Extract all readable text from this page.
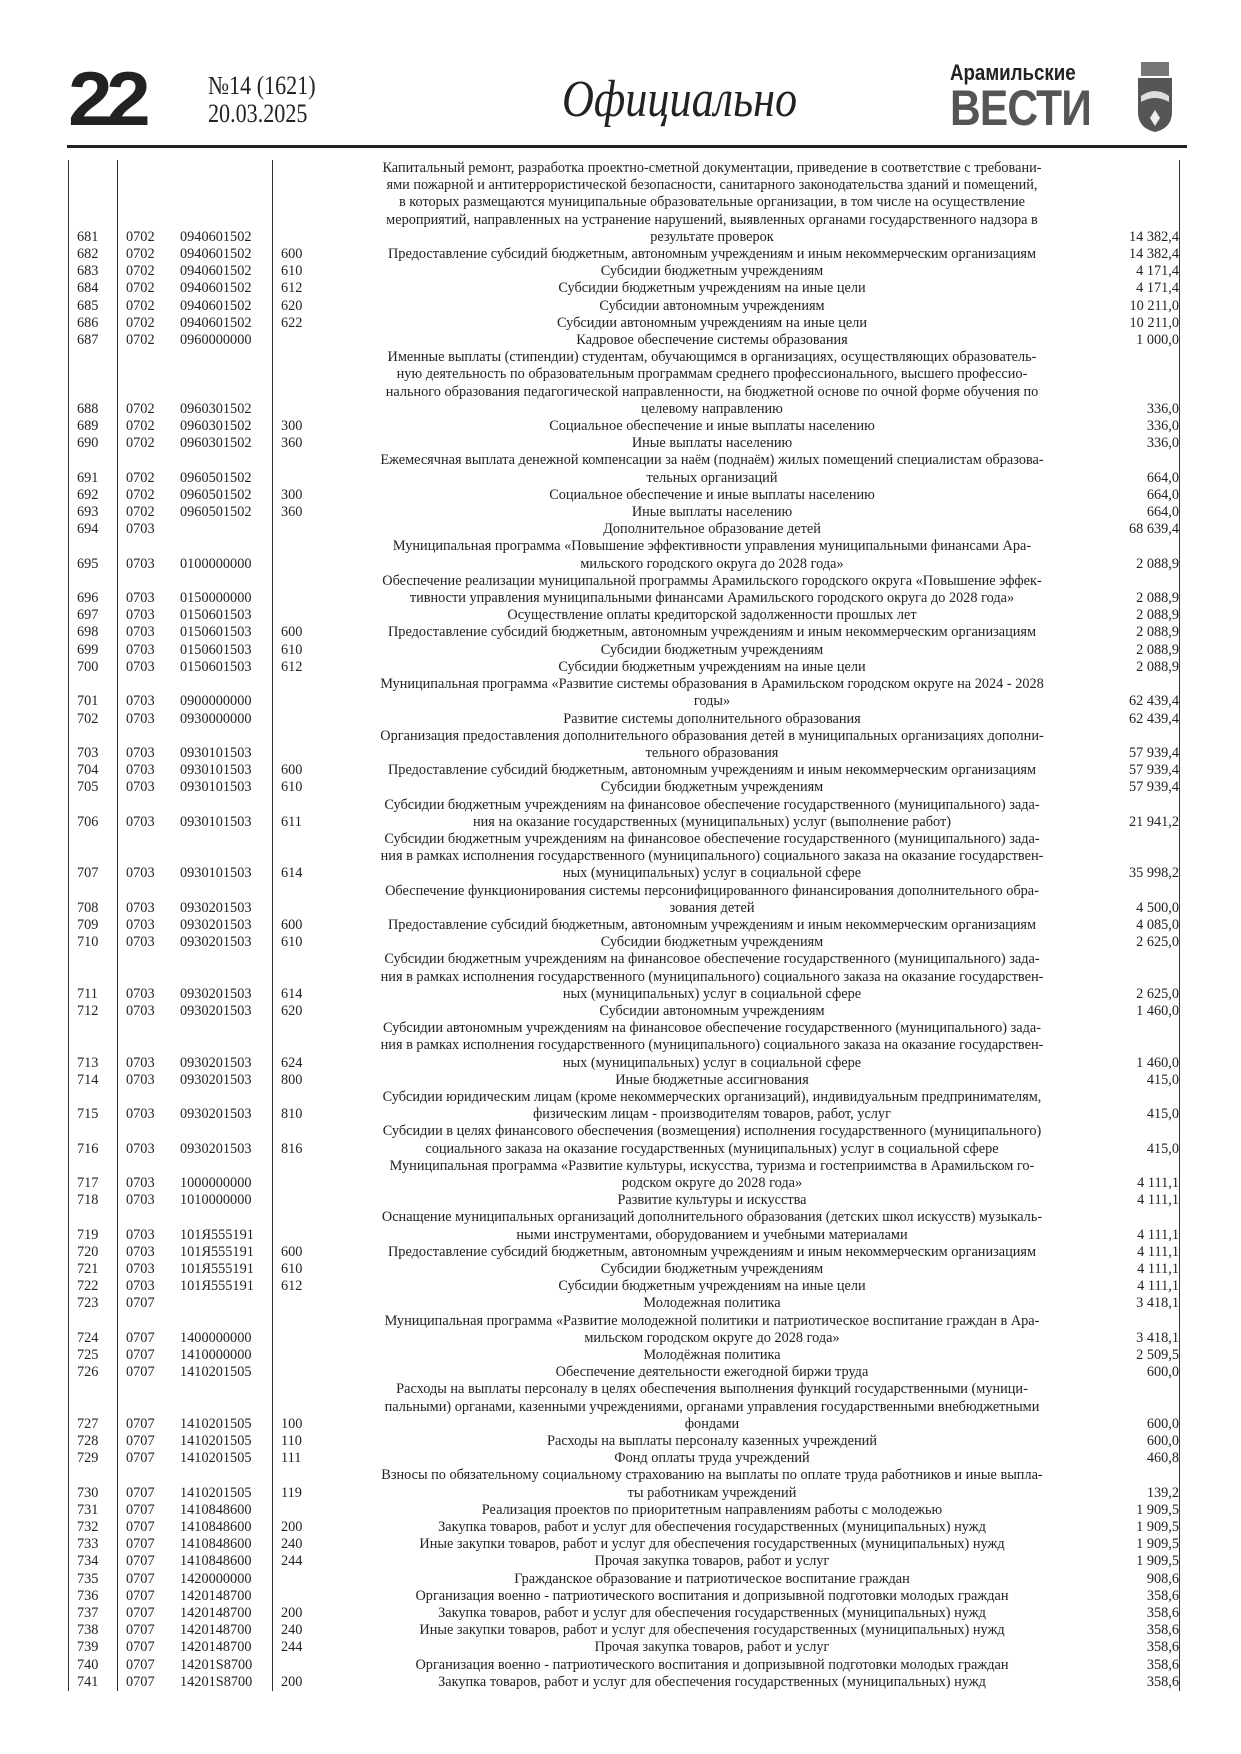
22 №14 (1621)
20.03.2025	Официально	Арамильские
ВЕСТИ
681	0702	0940601502		Капитальный ремонт, разработка проектно-сметной документации, приведение в соответствие с требовани-
ями пожарной и антитеррористической безопасности, санитарного законодательства зданий и помещений,
в которых размещаются муниципальные образовательные организации, в том числе на осуществление
мероприятий, направленных на устранение нарушений, выявленных органами государственного надзора в
результате проверок	14 382,4
682	0702	0940601502	600	Предоставление субсидий бюджетным, автономным учреждениям и иным некоммерческим организациям	14 382,4
683	0702	0940601502	610	Субсидии бюджетным учреждениям	4 171,4
684	0702	0940601502	612	Субсидии бюджетным учреждениям на иные цели	4 171,4
685	0702	0940601502	620	Субсидии автономным учреждениям	10 211,0
686	0702	0940601502	622	Субсидии автономным учреждениям на иные цели	10 211,0
687	0702	0960000000		Кадровое обеспечение системы образования	1 000,0
688	0702	0960301502		Именные выплаты (стипендии) студентам, обучающимся в организациях, осуществляющих образователь-
ную деятельность по образовательным программам среднего профессионального, высшего профессио-
нального образования педагогической направленности, на бюджетной основе по очной форме обучения по
целевому направлению	336,0
689	0702	0960301502	300	Социальное обеспечение и иные выплаты населению	336,0
690	0702	0960301502	360	Иные выплаты населению	336,0
691	0702	0960501502		Ежемесячная выплата денежной компенсации за наём (поднаём) жилых помещений специалистам образова-
тельных организаций	664,0
692	0702	0960501502	300	Социальное обеспечение и иные выплаты населению	664,0
693	0702	0960501502	360	Иные выплаты населению	664,0
694	0703			Дополнительное образование детей	68 639,4
695	0703	0100000000		Муниципальная программа «Повышение эффективности управления муниципальными финансами Ара-
мильского городского округа до 2028 года»	2 088,9
696	0703	0150000000		Обеспечение реализации муниципальной программы Арамильского городского округа «Повышение эффек-
тивности управления муниципальными финансами Арамильского городского округа до 2028 года»	2 088,9
697	0703	0150601503		Осуществление оплаты кредиторской задолженности прошлых лет	2 088,9
698	0703	0150601503	600	Предоставление субсидий бюджетным, автономным учреждениям и иным некоммерческим организациям	2 088,9
699	0703	0150601503	610	Субсидии бюджетным учреждениям	2 088,9
700	0703	0150601503	612	Субсидии бюджетным учреждениям на иные цели	2 088,9
701	0703	0900000000		Муниципальная программа «Развитие системы образования в Арамильском городском округе на 2024 - 2028
годы»	62 439,4
702	0703	0930000000		Развитие системы дополнительного образования	62 439,4
703	0703	0930101503		Организация предоставления дополнительного образования детей в муниципальных организациях дополни-
тельного образования	57 939,4
704	0703	0930101503	600	Предоставление субсидий бюджетным, автономным учреждениям и иным некоммерческим организациям	57 939,4
705	0703	0930101503	610	Субсидии бюджетным учреждениям	57 939,4
706	0703	0930101503	611	Субсидии бюджетным учреждениям на финансовое обеспечение государственного (муниципального) зада-
ния на оказание государственных (муниципальных) услуг (выполнение работ)	21 941,2
707	0703	0930101503	614	Субсидии бюджетным учреждениям на финансовое обеспечение государственного (муниципального) зада-
ния в рамках исполнения государственного (муниципального) социального заказа на оказание государствен-
ных (муниципальных) услуг в социальной сфере	35 998,2
708	0703	0930201503		Обеспечение функционирования системы персонифицированного финансирования дополнительного обра-
зования детей	4 500,0
709	0703	0930201503	600	Предоставление субсидий бюджетным, автономным учреждениям и иным некоммерческим организациям	4 085,0
710	0703	0930201503	610	Субсидии бюджетным учреждениям	2 625,0
711	0703	0930201503	614	Субсидии бюджетным учреждениям на финансовое обеспечение государственного (муниципального) зада-
ния в рамках исполнения государственного (муниципального) социального заказа на оказание государствен-
ных (муниципальных) услуг в социальной сфере	2 625,0
712	0703	0930201503	620	Субсидии автономным учреждениям	1 460,0
713	0703	0930201503	624	Субсидии автономным учреждениям на финансовое обеспечение государственного (муниципального) зада-
ния в рамках исполнения государственного (муниципального) социального заказа на оказание государствен-
ных (муниципальных) услуг в социальной сфере	1 460,0
714	0703	0930201503	800	Иные бюджетные ассигнования	415,0
715	0703	0930201503	810	Субсидии юридическим лицам (кроме некоммерческих организаций), индивидуальным предпринимателям,
физическим лицам - производителям товаров, работ, услуг	415,0
716	0703	0930201503	816	Субсидии в целях финансового обеспечения (возмещения) исполнения государственного (муниципального)
социального заказа на оказание государственных (муниципальных) услуг в социальной сфере	415,0
717	0703	1000000000		Муниципальная программа «Развитие культуры, искусства, туризма и гостеприимства в Арамильском го-
родском округе до 2028 года»	4 111,1
718	0703	1010000000		Развитие культуры и искусства	4 111,1
719	0703	101Я555191		Оснащение муниципальных организаций дополнительного образования (детских школ искусств) музыкаль-
ными инструментами, оборудованием и учебными материалами	4 111,1
720	0703	101Я555191	600	Предоставление субсидий бюджетным, автономным учреждениям и иным некоммерческим организациям	4 111,1
721	0703	101Я555191	610	Субсидии бюджетным учреждениям	4 111,1
722	0703	101Я555191	612	Субсидии бюджетным учреждениям на иные цели	4 111,1
723	0707			Молодежная политика	3 418,1
724	0707	1400000000		Муниципальная программа «Развитие молодежной политики и патриотическое воспитание граждан в Ара-
мильском городском округе до 2028 года»	3 418,1
725	0707	1410000000		Молодёжная политика	2 509,5
726	0707	1410201505		Обеспечение деятельности ежегодной биржи труда	600,0
727	0707	1410201505	100	Расходы на выплаты персоналу в целях обеспечения выполнения функций государственными (муници-
пальными) органами, казенными учреждениями, органами управления государственными внебюджетными
фондами	600,0
728	0707	1410201505	110	Расходы на выплаты персоналу казенных учреждений	600,0
729	0707	1410201505	111	Фонд оплаты труда учреждений	460,8
730	0707	1410201505	119	Взносы по обязательному социальному страхованию на выплаты по оплате труда работников и иные выпла-
ты работникам учреждений	139,2
731	0707	1410848600		Реализация проектов по приоритетным направлениям работы с молодежью	1 909,5
732	0707	1410848600	200	Закупка товаров, работ и услуг для обеспечения государственных (муниципальных) нужд	1 909,5
733	0707	1410848600	240	Иные закупки товаров, работ и услуг для обеспечения государственных (муниципальных) нужд	1 909,5
734	0707	1410848600	244	Прочая закупка товаров, работ и услуг	1 909,5
735	0707	1420000000		Гражданское образование и патриотическое воспитание граждан	908,6
736	0707	1420148700		Организация военно - патриотического воспитания и допризывной подготовки молодых граждан	358,6
737	0707	1420148700	200	Закупка товаров, работ и услуг для обеспечения государственных (муниципальных) нужд	358,6
738	0707	1420148700	240	Иные закупки товаров, работ и услуг для обеспечения государственных (муниципальных) нужд	358,6
739	0707	1420148700	244	Прочая закупка товаров, работ и услуг	358,6
740	0707	14201S8700		Организация военно - патриотического воспитания и допризывной подготовки молодых граждан	358,6
741	0707	14201S8700	200	Закупка товаров, работ и услуг для обеспечения государственных (муниципальных) нужд	358,6
